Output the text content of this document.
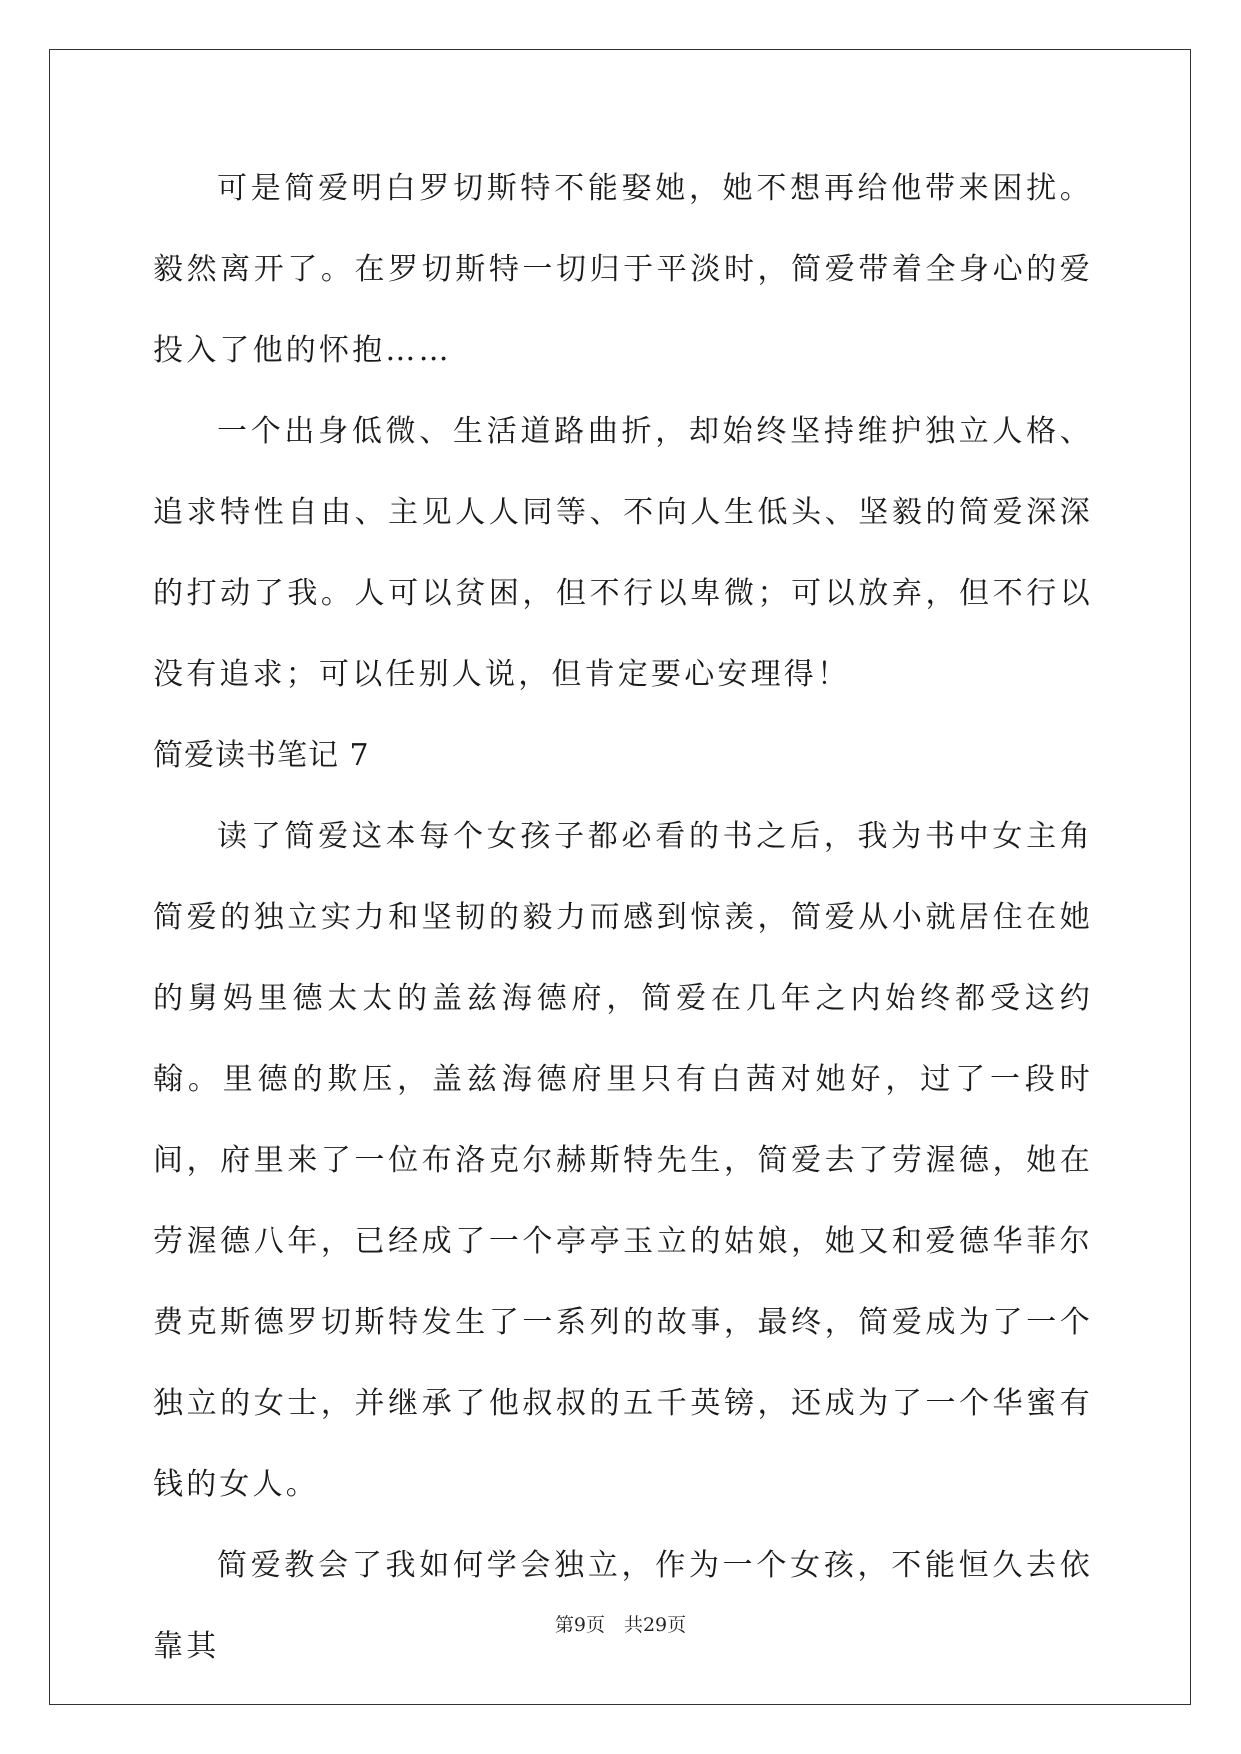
可是简爱明白罗切斯特不能娶她，她不想再给他带来困扰。毅然离开了。在罗切斯特一切归于平淡时，简爱带着全身心的爱投入了他的怀抱……

一个出身低微、生活道路曲折，却始终坚持维护独立人格、追求特性自由、主见人人同等、不向人生低头、坚毅的简爱深深的打动了我。人可以贫困，但不行以卑微；可以放弃，但不行以没有追求；可以任别人说，但肯定要心安理得！

简爱读书笔记 7

读了简爱这本每个女孩子都必看的书之后，我为书中女主角简爱的独立实力和坚韧的毅力而感到惊羡，简爱从小就居住在她的舅妈里德太太的盖兹海德府，简爱在几年之内始终都受这约翰。里德的欺压，盖兹海德府里只有白茜对她好，过了一段时间，府里来了一位布洛克尔赫斯特先生，简爱去了劳渥德，她在劳渥德八年，已经成了一个亭亭玉立的姑娘，她又和爱德华菲尔费克斯德罗切斯特发生了一系列的故事，最终，简爱成为了一个独立的女士，并继承了他叔叔的五千英镑，还成为了一个华蜜有钱的女人。

简爱教会了我如何学会独立，作为一个女孩，不能恒久去依靠其

第9页　共29页
